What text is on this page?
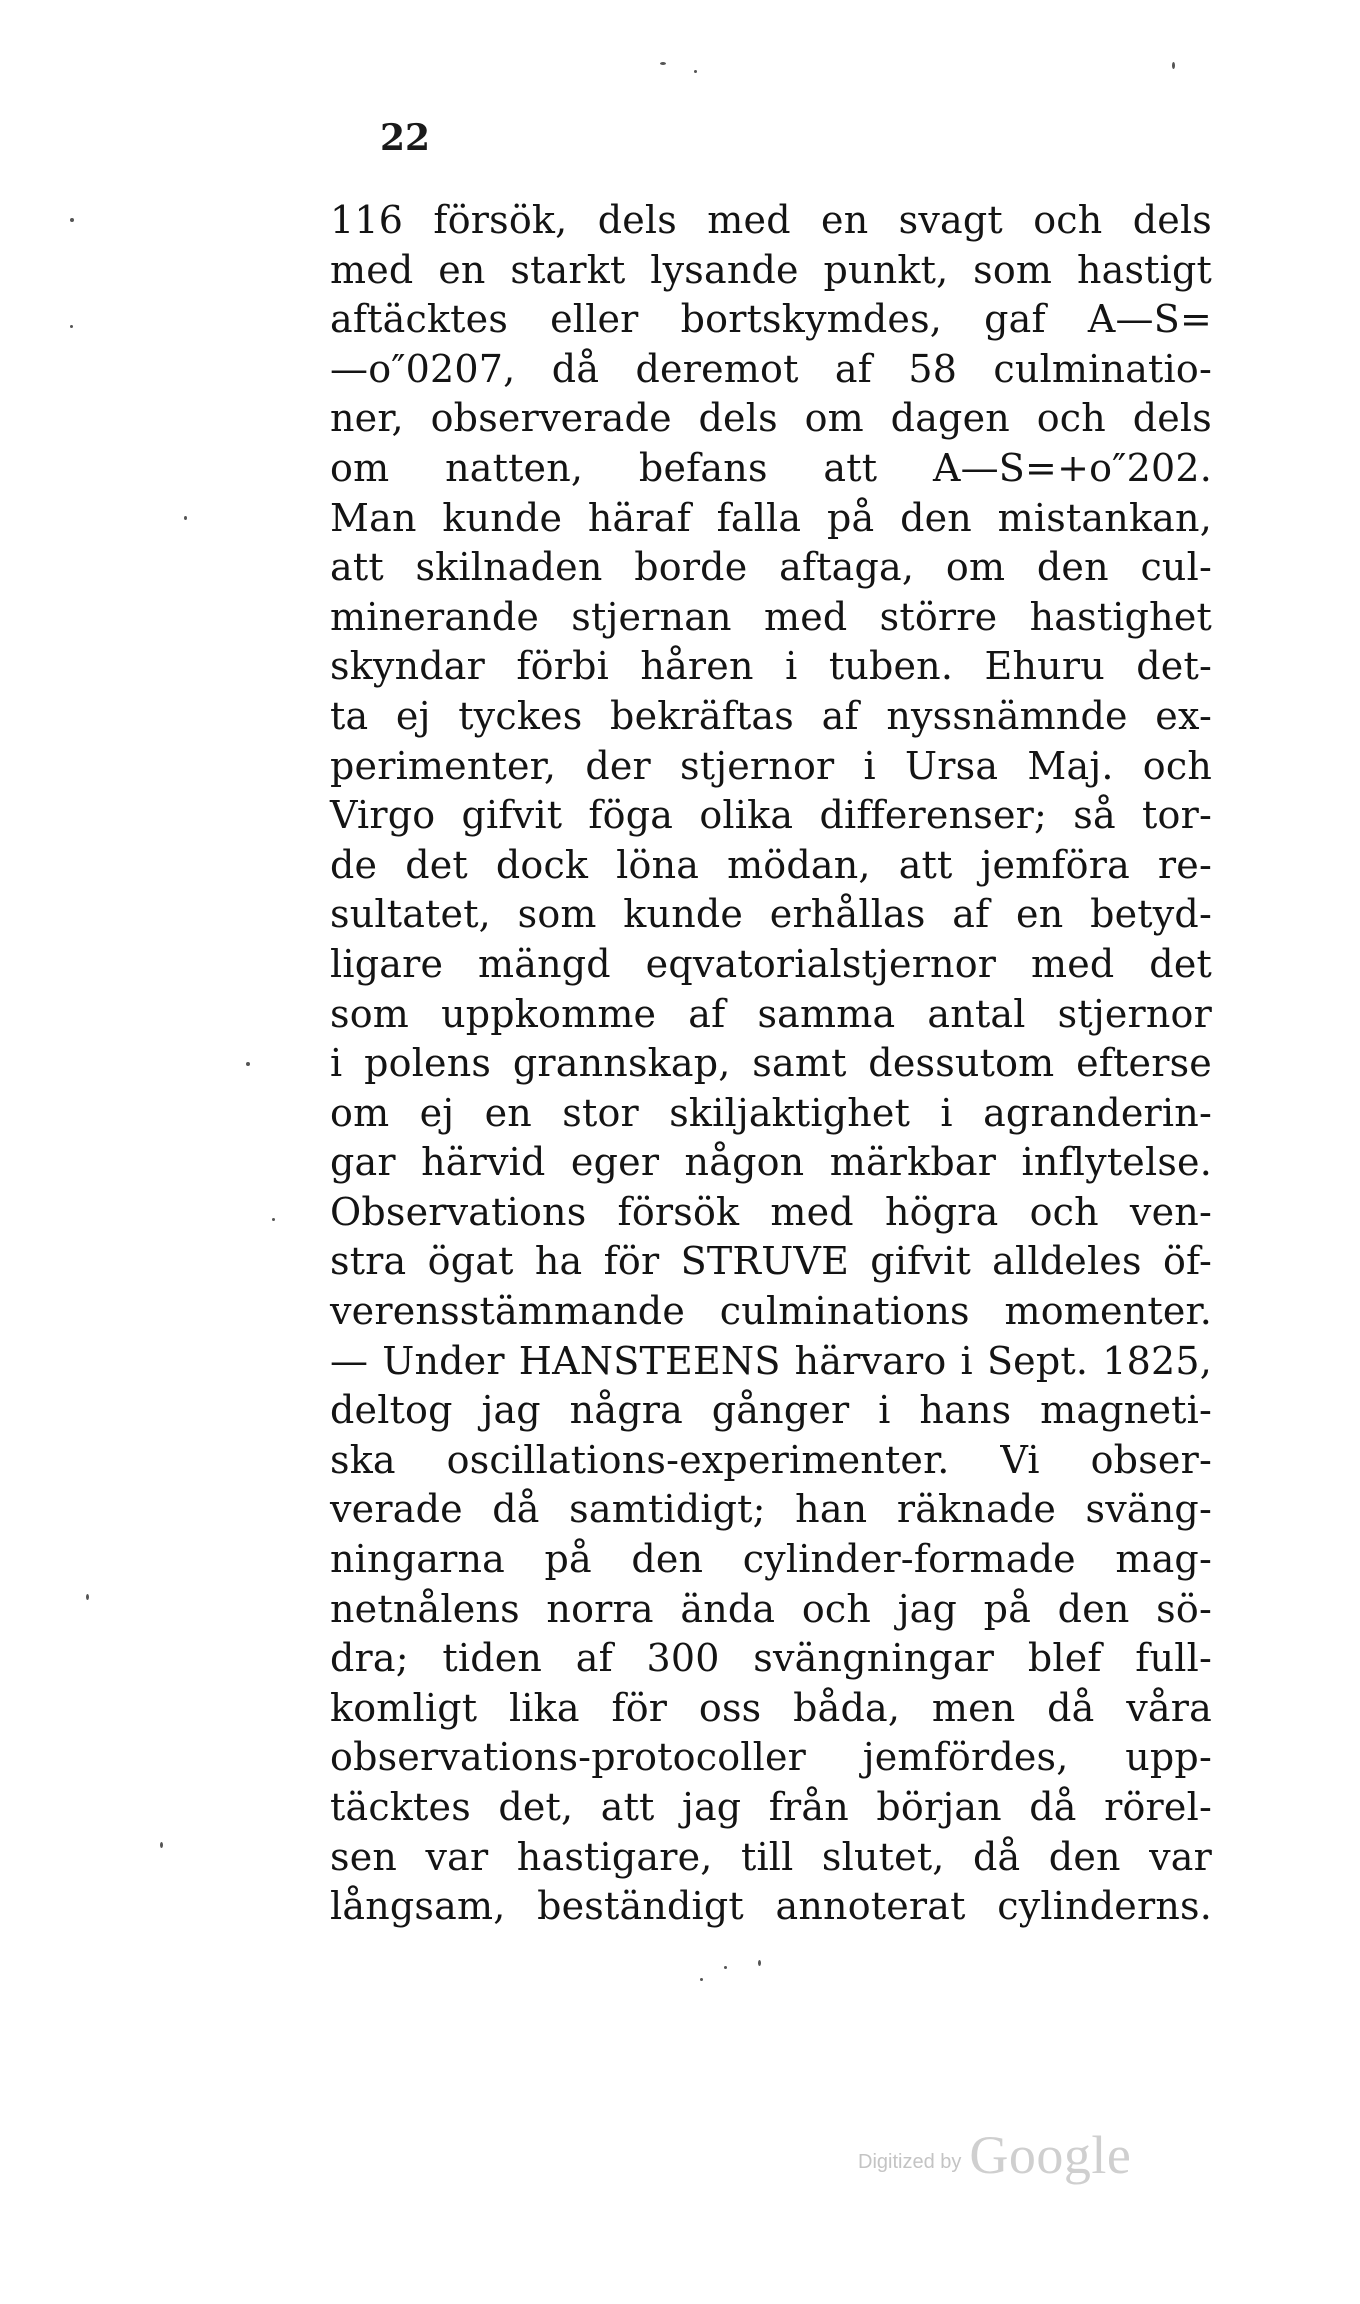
22
116 försök, dels med en svagt och dels
med en starkt lysande punkt, som hastigt
aftäcktes eller bortskymdes, gaf A—S=
—o″0207, då deremot af 58 culminatio-
ner, observerade dels om dagen och dels
om natten, befans att A—S=+o″202.
Man kunde häraf falla på den mistankan,
att skilnaden borde aftaga, om den cul-
minerande stjernan med större hastighet
skyndar förbi håren i tuben. Ehuru det-
ta ej tyckes bekräftas af nyssnämnde ex-
perimenter, der stjernor i Ursa Maj. och
Virgo gifvit föga olika differenser; så tor-
de det dock löna mödan, att jemföra re-
sultatet, som kunde erhållas af en betyd-
ligare mängd eqvatorialstjernor med det
som uppkomme af samma antal stjernor
i polens grannskap, samt dessutom efterse
om ej en stor skiljaktighet i agranderin-
gar härvid eger någon märkbar inflytelse.
Observations försök med högra och ven-
stra ögat ha för STRUVE gifvit alldeles öf-
verensstämmande culminations momenter.
— Under HANSTEENS härvaro i Sept. 1825,
deltog jag några gånger i hans magneti-
ska oscillations-experimenter. Vi obser-
verade då samtidigt; han räknade sväng-
ningarna på den cylinder-formade mag-
netnålens norra ända och jag på den sö-
dra; tiden af 300 svängningar blef full-
komligt lika för oss båda, men då våra
observations-protocoller jemfördes, upp-
täcktes det, att jag från början då rörel-
sen var hastigare, till slutet, då den var
långsam, beständigt annoterat cylinderns.
Digitized by Google
